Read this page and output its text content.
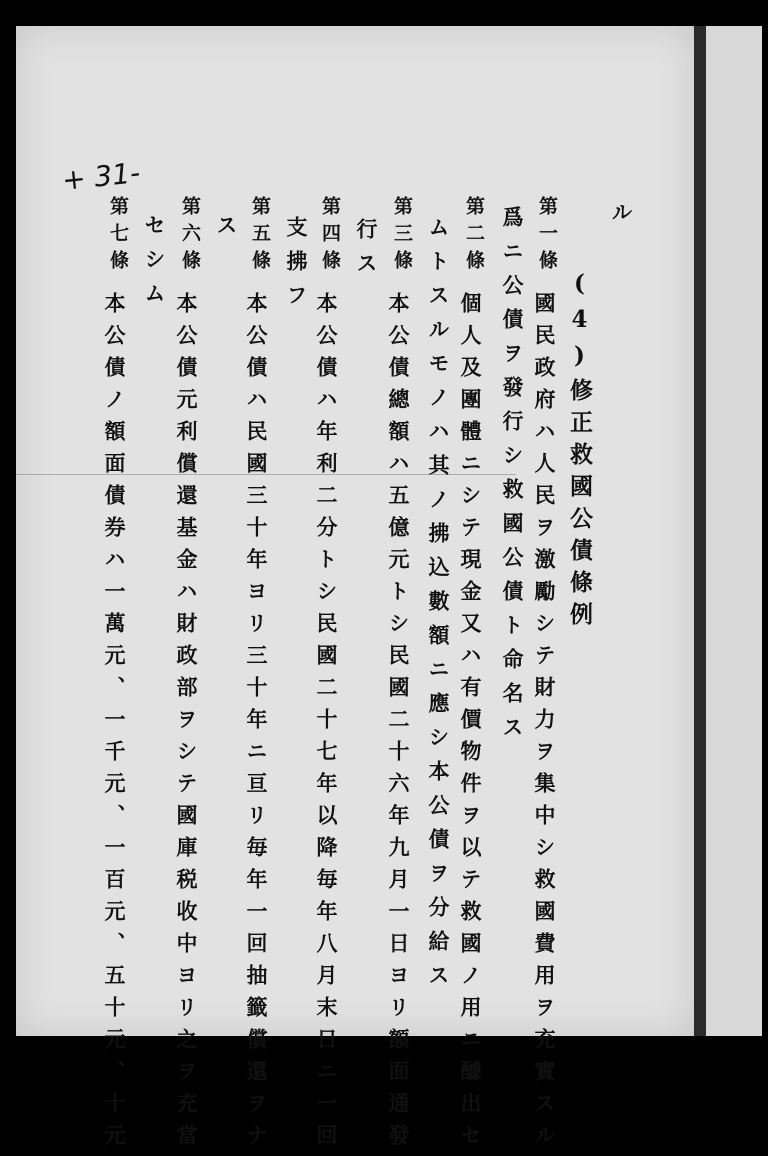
ル
+ 31-
(4)修正救國公債條例
第一條
國民政府ハ人民ヲ激勵シテ財力ヲ集中シ救國費用ヲ充實スル
爲ニ公債ヲ發行シ救國公債ト命名ス
第二條
個人及團體ニシテ現金又ハ有價物件ヲ以テ救國ノ用ニ醵出セ
ムトスルモノハ其ノ拂込數額ニ應シ本公債ヲ分給ス
第三條
本公債總額ハ五億元トシ民國二十六年九月一日ヨリ額面通發
行ス
第四條
本公債ハ年利二分トシ民國二十七年以降毎年八月末日ニ一回
支拂フ
第五條
本公債ハ民國三十年ヨリ三十年ニ亘リ毎年一回抽籤償還ヲナ
ス
第六條
本公債元利償還基金ハ財政部ヲシテ國庫税收中ヨリ之ヲ充當
セシム
第七條
本公債ノ額面債券ハ一萬元、一千元、一百元、五十元、十元
